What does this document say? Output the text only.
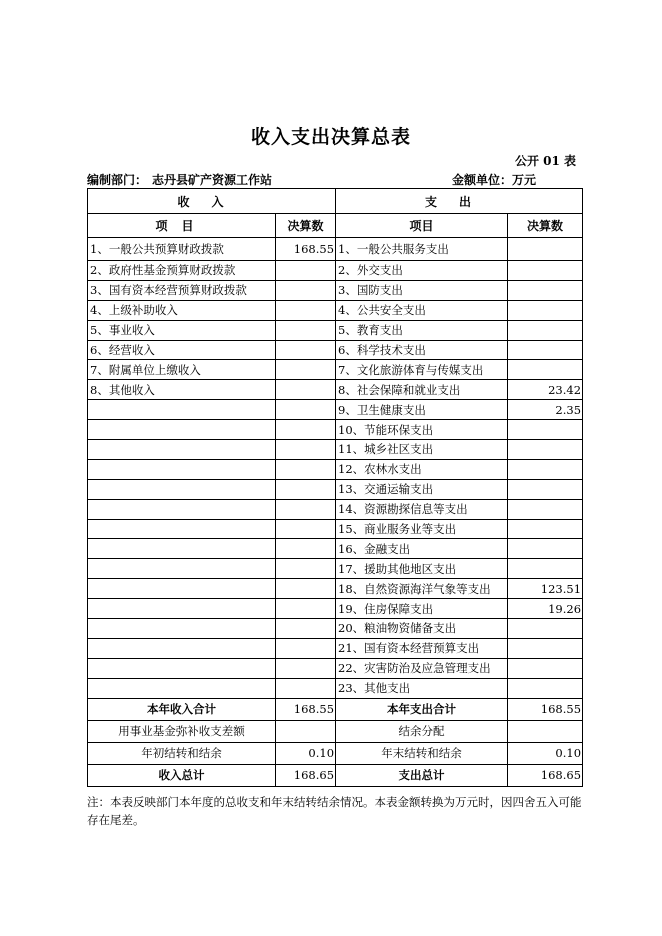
收入支出决算总表
公开 01 表
编制部门： 志丹县矿产资源工作站	金额单位：万元
收入		支出	
项目	决算数	项目	决算数
1、一般公共预算财政拨款	168.55	1、一般公共服务支出	
2、政府性基金预算财政拨款		2、外交支出	
3、国有资本经营预算财政拨款		3、国防支出	
4、上级补助收入		4、公共安全支出	
5、事业收入		5、教育支出	
6、经营收入		6、科学技术支出	
7、附属单位上缴收入		7、文化旅游体育与传媒支出	
8、其他收入		8、社会保障和就业支出	23.42
		9、卫生健康支出	2.35
		10、节能环保支出	
		11、城乡社区支出	
		12、农林水支出	
		13、交通运输支出	
		14、资源勘探信息等支出	
		15、商业服务业等支出	
		16、金融支出	
		17、援助其他地区支出	
		18、自然资源海洋气象等支出	123.51
		19、住房保障支出	19.26
		20、粮油物资储备支出	
		21、国有资本经营预算支出	
		22、灾害防治及应急管理支出	
		23、其他支出	
本年收入合计	168.55	本年支出合计	168.55
用事业基金弥补收支差额		结余分配	
年初结转和结余	0.10	年末结转和结余	0.10
收入总计	168.65	支出总计	168.65
注：本表反映部门本年度的总收支和年末结转结余情况。本表金额转换为万元时，因四舍五入可能存在尾差。
